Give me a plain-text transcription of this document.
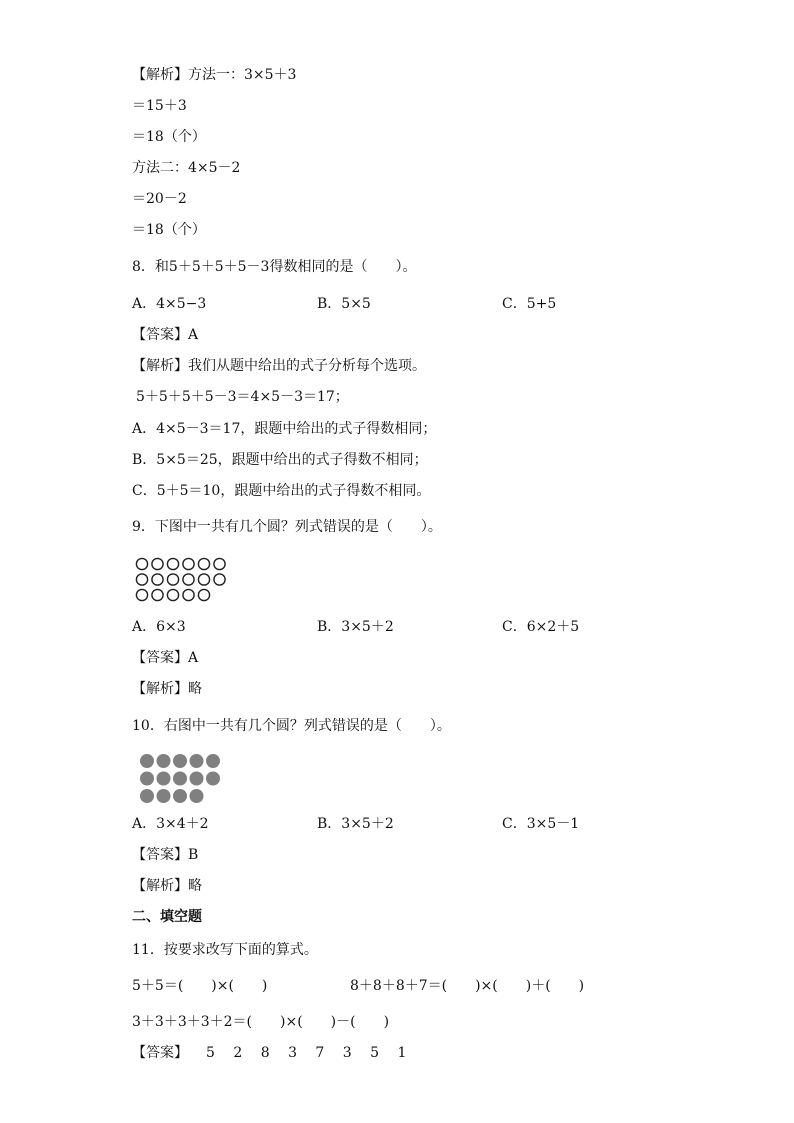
【解析】方法一：3×5＋3
＝15＋3
＝18（个）
方法二：4×5－2
＝20－2
＝18（个）
8．和5＋5＋5＋5－3得数相同的是（　　）。
A．4×5−3	B．5×5	C．5+5
【答案】A
【解析】我们从题中给出的式子分析每个选项。
5＋5＋5＋5－3＝4×5－3＝17；
A．4×5－3＝17，跟题中给出的式子得数相同；
B．5×5＝25，跟题中给出的式子得数不相同；
C．5＋5＝10，跟题中给出的式子得数不相同。
9．下图中一共有几个圆？列式错误的是（　　）。
A．6×3	B．3×5＋2	C．6×2＋5
【答案】A
【解析】略
10．右图中一共有几个圆？列式错误的是（　　）。
A．3×4＋2	B．3×5＋2	C．3×5－1
【答案】B
【解析】略
二、填空题
11．按要求改写下面的算式。
5＋5＝(　　)×(　　)	8＋8＋8＋7＝(　　)×(　　)＋(　　)
3＋3＋3＋3＋2＝(　　)×(　　)－(　　)
【答案】 5 2 8 3 7 3 5 1
